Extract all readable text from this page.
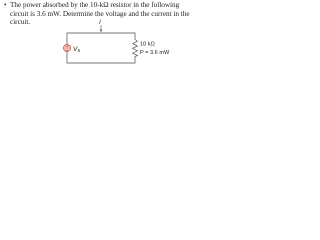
• The power absorbed by the 10-kΩ resistor in the following circuit is 3.6 mW. Determine the voltage and the current in the circuit.	I
+
− VS
10 kΩ
P = 3.6 mW
